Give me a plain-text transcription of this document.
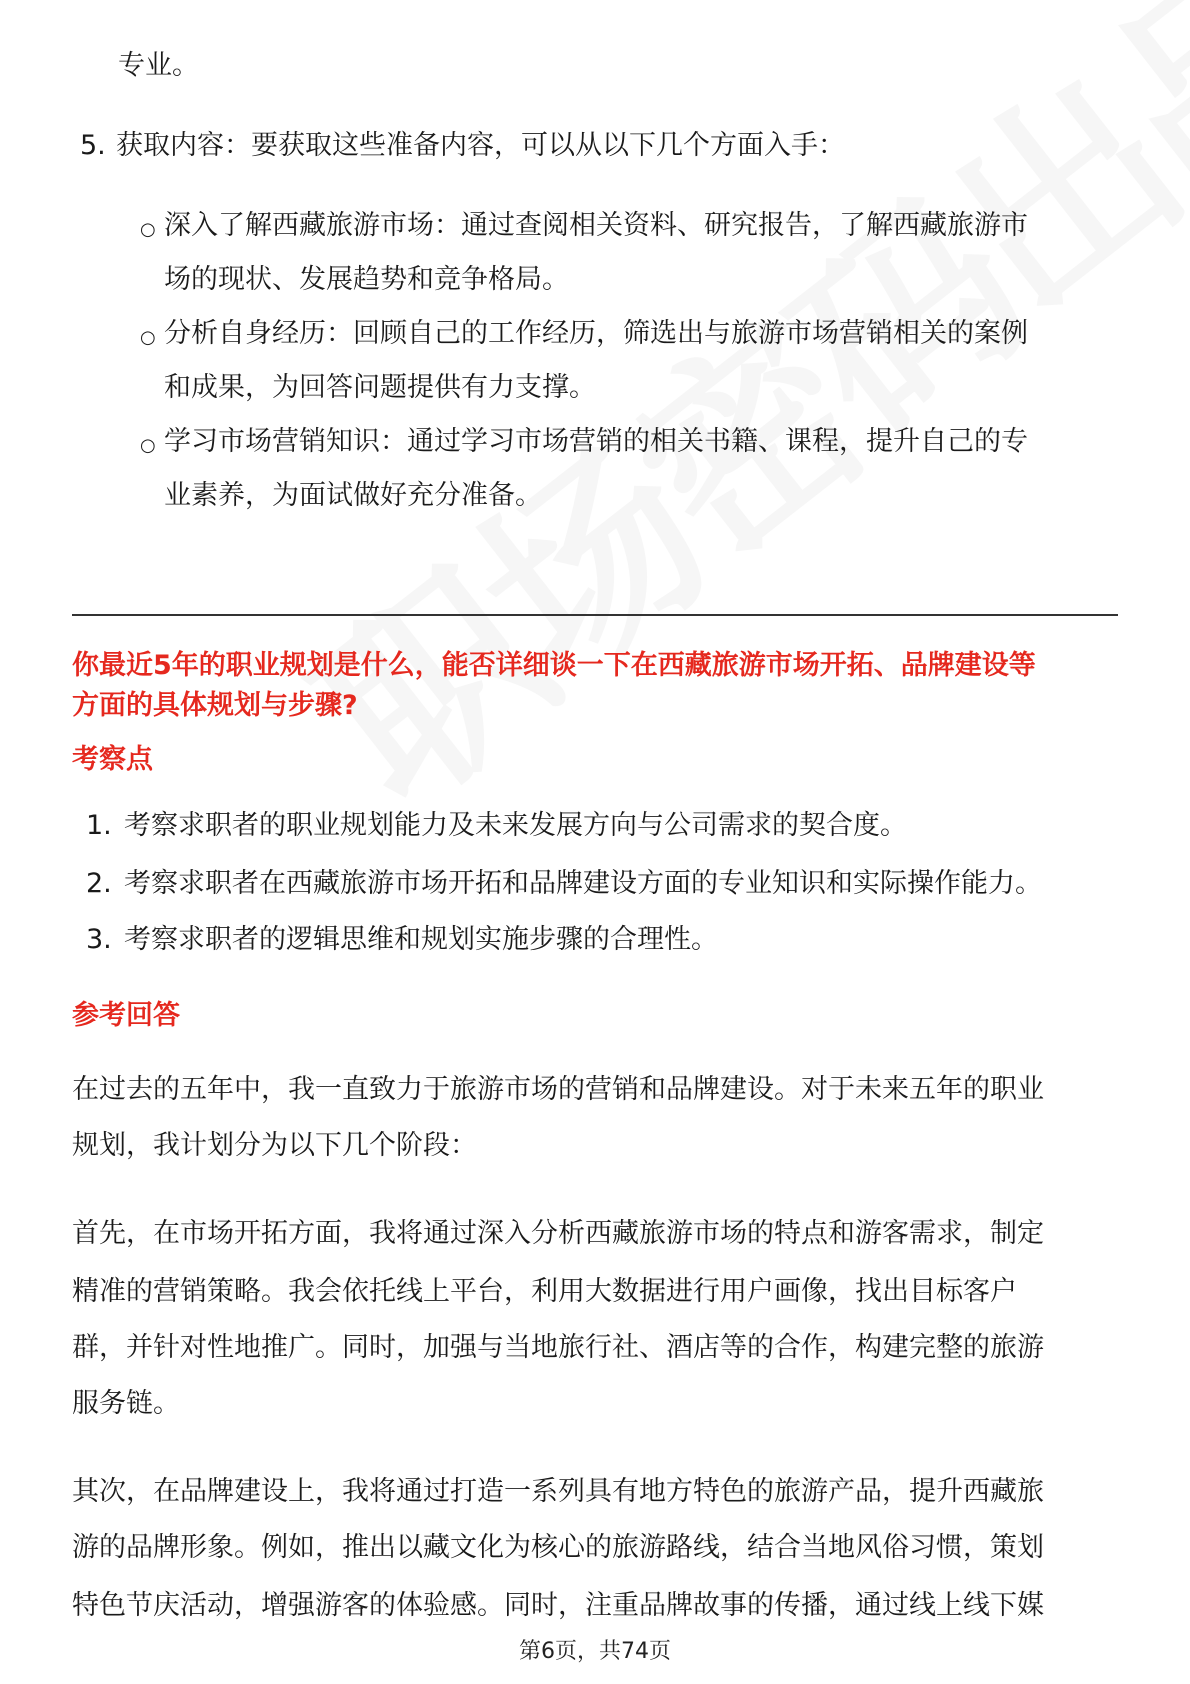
专业。
5. 获取内容：要获取这些准备内容，可以从以下几个方面入手：
○ 深入了解西藏旅游市场：通过查阅相关资料、研究报告，了解西藏旅游市
场的现状、发展趋势和竞争格局。
○ 分析自身经历：回顾自己的工作经历，筛选出与旅游市场营销相关的案例
和成果，为回答问题提供有力支撑。
○ 学习市场营销知识：通过学习市场营销的相关书籍、课程，提升自己的专
业素养，为面试做好充分准备。
你最近5年的职业规划是什么，能否详细谈一下在西藏旅游市场开拓、品牌建设等
方面的具体规划与步骤?
考察点
1. 考察求职者的职业规划能力及未来发展方向与公司需求的契合度。
2. 考察求职者在西藏旅游市场开拓和品牌建设方面的专业知识和实际操作能力。
3. 考察求职者的逻辑思维和规划实施步骤的合理性。
参考回答
在过去的五年中，我一直致力于旅游市场的营销和品牌建设。对于未来五年的职业
规划，我计划分为以下几个阶段：
首先，在市场开拓方面，我将通过深入分析西藏旅游市场的特点和游客需求，制定
精准的营销策略。我会依托线上平台，利用大数据进行用户画像，找出目标客户
群，并针对性地推广。同时，加强与当地旅行社、酒店等的合作，构建完整的旅游
服务链。
其次，在品牌建设上，我将通过打造一系列具有地方特色的旅游产品，提升西藏旅
游的品牌形象。例如，推出以藏文化为核心的旅游路线，结合当地风俗习惯，策划
特色节庆活动，增强游客的体验感。同时，注重品牌故事的传播，通过线上线下媒
第6页，共74页
